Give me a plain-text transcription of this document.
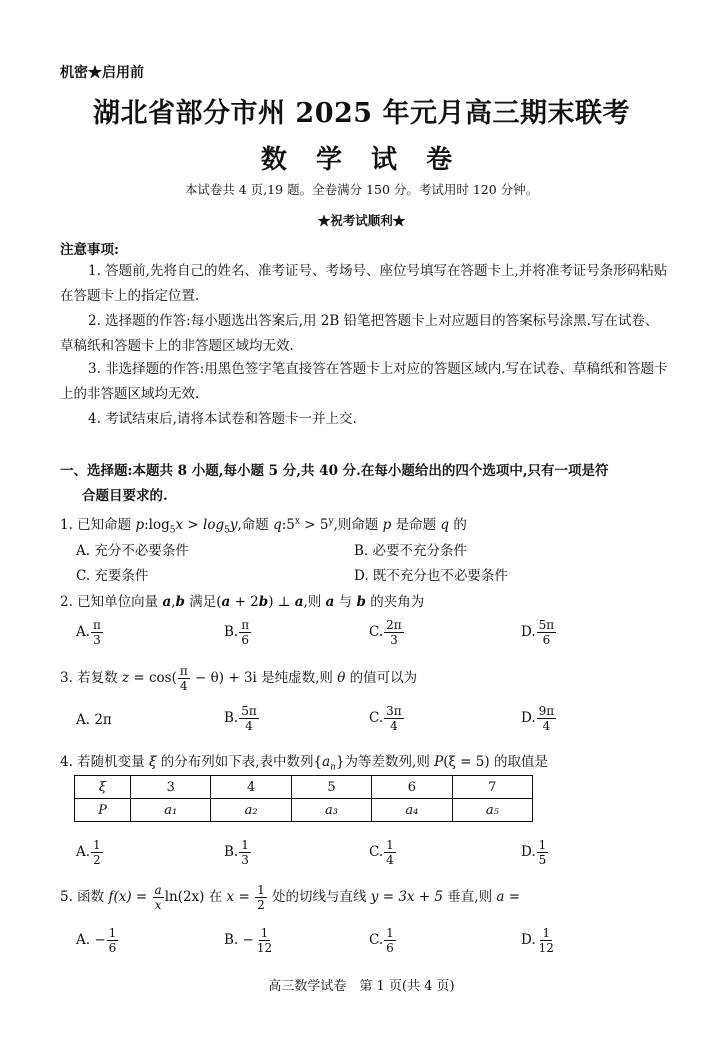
机密★启用前
湖北省部分市州 2025 年元月高三期末联考
数 学 试 卷
本试卷共 4 页,19 题。全卷满分 150 分。考试用时 120 分钟。
★祝考试顺利★
注意事项:
1. 答题前,先将自己的姓名、准考证号、考场号、座位号填写在答题卡上,并将准考证号条形码粘贴在答题卡上的指定位置.
2. 选择题的作答:每小题选出答案后,用 2B 铅笔把答题卡上对应题目的答案标号涂黑.写在试卷、草稿纸和答题卡上的非答题区域均无效.
3. 非选择题的作答:用黑色签字笔直接答在答题卡上对应的答题区域内.写在试卷、草稿纸和答题卡上的非答题区域均无效.
4. 考试结束后,请将本试卷和答题卡一并上交.
一、选择题:本题共 8 小题,每小题 5 分,共 40 分.在每小题给出的四个选项中,只有一项是符
合题目要求的.
1. 已知命题 $p:\log_5x > \log_5y$,命题 $q:5^x > 5^y$,则命题 p 是命题 q 的
A. 充分不必要条件	B. 必要不充分条件
C. 充要条件	D. 既不充分也不必要条件
2. 已知单位向量 a,b 满足(a + 2b) ⊥ a,则 a 与 b 的夹角为
A. $\frac{\pi}{3}$	B. $\frac{\pi}{6}$	C. $\frac{2\pi}{3}$	D. $\frac{5\pi}{6}$
3. 若复数 $z = \cos( \frac{\pi}{4} - \theta) + 3i$ 是纯虚数,则 θ 的值可以为
A. 2π	B. $\frac{5\pi}{4}$	C. $\frac{3\pi}{4}$	D. $\frac{9\pi}{4}$
4. 若随机变量 ξ 的分布列如下表,表中数列$\{a_n\}$为等差数列,则 P(ξ = 5) 的取值是
ξ	3	4	5	6	7
P	a₁	a₂	a₃	a₄	a₅
A. $\frac{1}{2}$	B. $\frac{1}{3}$	C. $\frac{1}{4}$	D. $\frac{1}{5}$
5. 函数 $f(x) = \frac{a}{x} \ln(2x)$ 在 $x = \frac{1}{2}$ 处的切线与直线 y = 3x + 5 垂直,则 a =
A. − $\frac{1}{6}$	B. − $\frac{1}{12}$	C. $\frac{1}{6}$	D. $\frac{1}{12}$
高三数学试卷　第 1 页(共 4 页)
